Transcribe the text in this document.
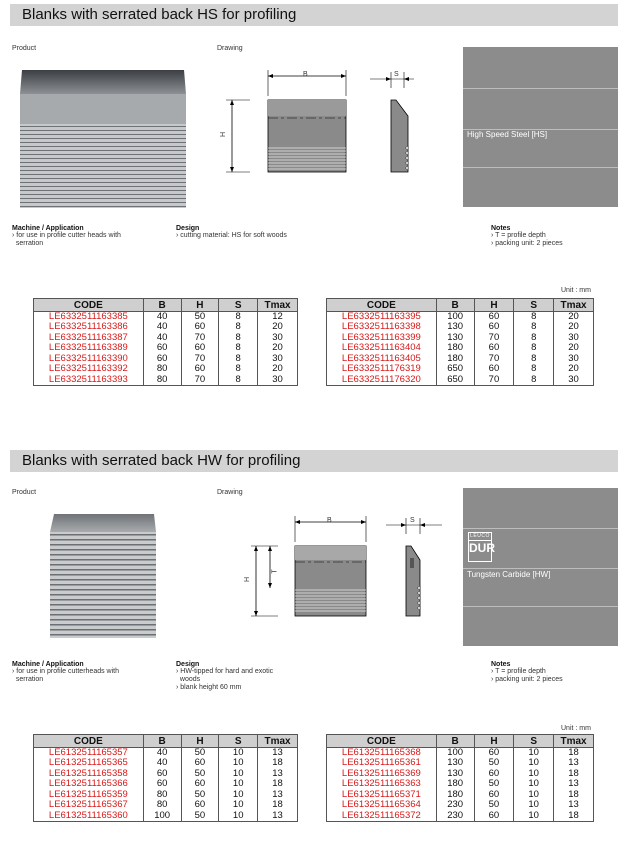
Blanks with serrated back HS for profiling
Product	Drawing
B	S
H	High Speed Steel [HS]
Machine / Application
› for use in profile cutter heads with
serration
Design
› cutting material: HS for soft woods
Notes
› T = profile depth
› packing unit: 2 pieces
Unit : mm
CODE	B	H	S	Tmax
LE6332511163385	40	50	8	12
LE6332511163386	40	60	8	20
LE6332511163387	40	70	8	30
LE6332511163389	60	60	8	20
LE6332511163390	60	70	8	30
LE6332511163392	80	60	8	20
LE6332511163393	80	70	8	30
CODE	B	H	S	Tmax
LE6332511163395	100	60	8	20
LE6332511163398	130	60	8	20
LE6332511163399	130	70	8	30
LE6332511163404	180	60	8	20
LE6332511163405	180	70	8	30
LE6332511176319	650	60	8	20
LE6332511176320	650	70	8	30
Blanks with serrated back HW for profiling
Product	Drawing
B	S
H
T
LEUCO
DUR
Tungsten Carbide [HW]
Machine / Application
› for use in profile cutterheads with
serration
Design
› HW-tipped for hard and exotic
woods
› blank height 60 mm
Notes
› T = profile depth
› packing unit: 2 pieces
Unit : mm
CODE	B	H	S	Tmax
LE6132511165357	40	50	10	13
LE6132511165365	40	60	10	18
LE6132511165358	60	50	10	13
LE6132511165366	60	60	10	18
LE6132511165359	80	50	10	13
LE6132511165367	80	60	10	18
LE6132511165360	100	50	10	13
CODE	B	H	S	Tmax
LE6132511165368	100	60	10	18
LE6132511165361	130	50	10	13
LE6132511165369	130	60	10	18
LE6132511165363	180	50	10	13
LE6132511165371	180	60	10	18
LE6132511165364	230	50	10	13
LE6132511165372	230	60	10	18
